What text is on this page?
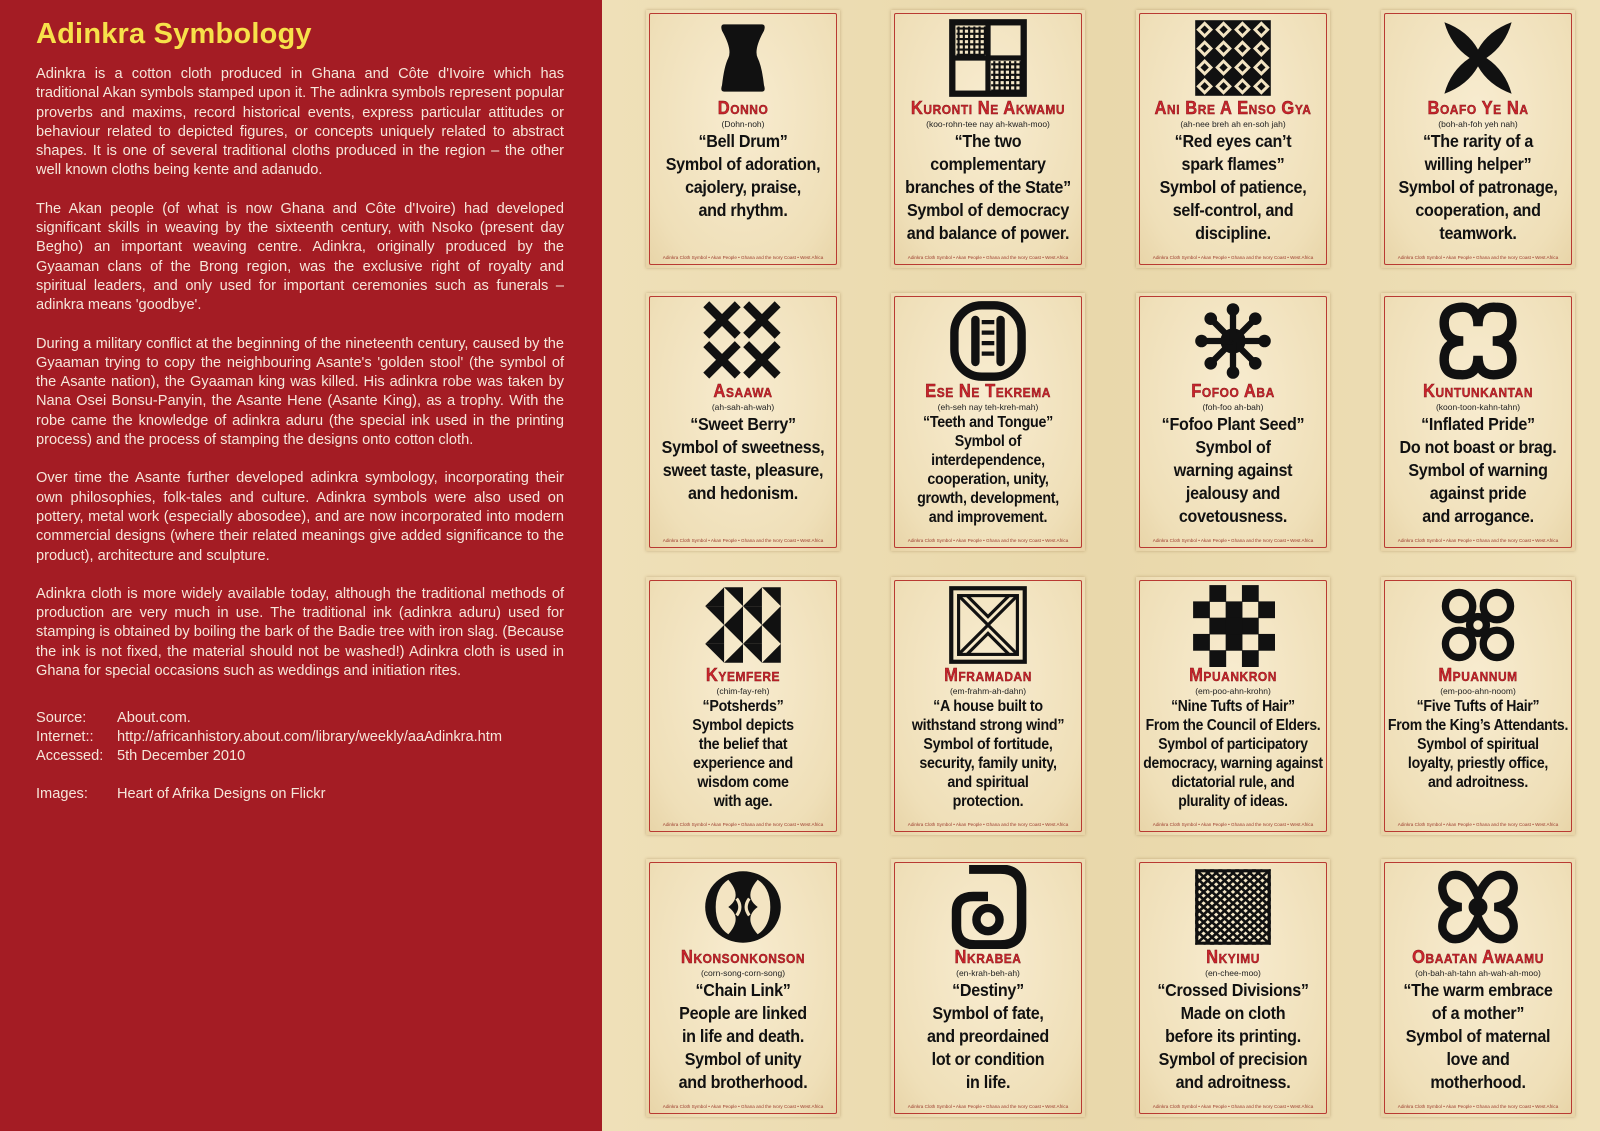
Adinkra Symbology

Adinkra is a cotton cloth produced in Ghana and Côte d'Ivoire which has traditional Akan symbols stamped upon it. The adinkra symbols represent popular proverbs and maxims, record historical events, express particular attitudes or behaviour related to depicted figures, or concepts uniquely related to abstract shapes. It is one of several traditional cloths produced in the region – the other well known cloths being kente and adanudo.

The Akan people (of what is now Ghana and Côte d'Ivoire) had developed significant skills in weaving by the sixteenth century, with Nsoko (present day Begho) an important weaving centre. Adinkra, originally produced by the Gyaaman clans of the Brong region, was the exclusive right of royalty and spiritual leaders, and only used for important ceremonies such as funerals – adinkra means 'goodbye'.

During a military conflict at the beginning of the nineteenth century, caused by the Gyaaman trying to copy the neighbouring Asante's 'golden stool' (the symbol of the Asante nation), the Gyaaman king was killed. His adinkra robe was taken by Nana Osei Bonsu-Panyin, the Asante Hene (Asante King), as a trophy. With the robe came the knowledge of adinkra aduru (the special ink used in the printing process) and the process of stamping the designs onto cotton cloth.

Over time the Asante further developed adinkra symbology, incorporating their own philosophies, folk-tales and culture. Adinkra symbols were also used on pottery, metal work (especially abosodee), and are now incorporated into modern commercial designs (where their related meanings give added significance to the product), architecture and sculpture.

Adinkra cloth is more widely available today, although the traditional methods of production are very much in use. The traditional ink (adinkra aduru) used for stamping is obtained by boiling the bark of the Badie tree with iron slag. (Because the ink is not fixed, the material should not be washed!) Adinkra cloth is used in Ghana for special occasions such as weddings and initiation rites.

Source:	About.com.
Internet::	http://africanhistory.about.com/library/weekly/aaAdinkra.htm
Accessed: 5th December 2010
Images:	Heart of Afrika Designs on Flickr
Donno
(Dohn-noh)
“Bell Drum”
Symbol of adoration,
cajolery, praise,
and rhythm.
Adinkra Cloth Symbol • Akan People • Ghana and the Ivory Coast • West Africa
Kuronti Ne Akwamu
(koo-rohn-tee nay ah-kwah-moo)
“The two
complementary
branches of the State”
Symbol of democracy
and balance of power.
Adinkra Cloth Symbol • Akan People • Ghana and the Ivory Coast • West Africa
Ani Bre A Enso Gya
(ah-nee breh ah en-soh jah)
“Red eyes can’t
spark flames”
Symbol of patience,
self-control, and
discipline.
Adinkra Cloth Symbol • Akan People • Ghana and the Ivory Coast • West Africa
Boafo Ye Na
(boh-ah-foh yeh nah)
“The rarity of a
willing helper”
Symbol of patronage,
cooperation, and
teamwork.
Adinkra Cloth Symbol • Akan People • Ghana and the Ivory Coast • West Africa
Asaawa
(ah-sah-ah-wah)
“Sweet Berry”
Symbol of sweetness,
sweet taste, pleasure,
and hedonism.
Adinkra Cloth Symbol • Akan People • Ghana and the Ivory Coast • West Africa
Ese Ne Tekrema
(eh-seh nay teh-kreh-mah)
“Teeth and Tongue”
Symbol of
interdependence,
cooperation, unity,
growth, development,
and improvement.
Adinkra Cloth Symbol • Akan People • Ghana and the Ivory Coast • West Africa
Fofoo Aba
(foh-foo ah-bah)
“Fofoo Plant Seed”
Symbol of
warning against
jealousy and
covetousness.
Adinkra Cloth Symbol • Akan People • Ghana and the Ivory Coast • West Africa
Kuntunkantan
(koon-toon-kahn-tahn)
“Inflated Pride”
Do not boast or brag.
Symbol of warning
against pride
and arrogance.
Adinkra Cloth Symbol • Akan People • Ghana and the Ivory Coast • West Africa
Kyemfere
(chim-fay-reh)
“Potsherds”
Symbol depicts
the belief that
experience and
wisdom come
with age.
Adinkra Cloth Symbol • Akan People • Ghana and the Ivory Coast • West Africa
Mframadan
(em-frahm-ah-dahn)
“A house built to
withstand strong wind”
Symbol of fortitude,
security, family unity,
and spiritual
protection.
Adinkra Cloth Symbol • Akan People • Ghana and the Ivory Coast • West Africa
Mpuankron
(em-poo-ahn-krohn)
“Nine Tufts of Hair”
From the Council of Elders.
Symbol of participatory
democracy, warning against
dictatorial rule, and
plurality of ideas.
Adinkra Cloth Symbol • Akan People • Ghana and the Ivory Coast • West Africa
Mpuannum
(em-poo-ahn-noom)
“Five Tufts of Hair”
From the King’s Attendants.
Symbol of spiritual
loyalty, priestly office,
and adroitness.
Adinkra Cloth Symbol • Akan People • Ghana and the Ivory Coast • West Africa
Nkonsonkonson
(corn-song-corn-song)
“Chain Link”
People are linked
in life and death.
Symbol of unity
and brotherhood.
Adinkra Cloth Symbol • Akan People • Ghana and the Ivory Coast • West Africa
Nkrabea
(en-krah-beh-ah)
“Destiny”
Symbol of fate,
and preordained
lot or condition
in life.
Adinkra Cloth Symbol • Akan People • Ghana and the Ivory Coast • West Africa
Nkyimu
(en-chee-moo)
“Crossed Divisions”
Made on cloth
before its printing.
Symbol of precision
and adroitness.
Adinkra Cloth Symbol • Akan People • Ghana and the Ivory Coast • West Africa
Obaatan Awaamu
(oh-bah-ah-tahn ah-wah-ah-moo)
“The warm embrace
of a mother”
Symbol of maternal
love and
motherhood.
Adinkra Cloth Symbol • Akan People • Ghana and the Ivory Coast • West Africa
